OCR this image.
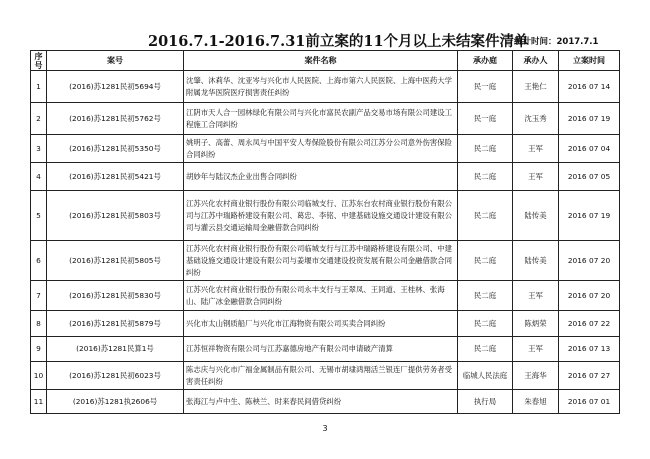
2016.7.1-2016.7.31前立案的11个月以上未结案件清单
统计时间：2017.7.1
序号	案号	案件名称	承办庭	承办人	立案时间
1	(2016)苏1281民初5694号	沈肇、沐莉华、沈亚岑与兴化市人民医院、上海市第六人民医院、上海中医药大学附属龙华医院医疗损害责任纠纷	民一庭	王艳仁	2016 07 14
2	(2016)苏1281民初5762号	江阴市天人合一园林绿化有限公司与兴化市富民农副产品交易市场有限公司建设工程施工合同纠纷	民一庭	沈玉秀	2016 07 19
3	(2016)苏1281民初5350号	姚明子、高蕾、周永凤与中国平安人寿保险股份有限公司江苏分公司意外伤害保险合同纠纷	民二庭	王军	2016 07 04
4	(2016)苏1281民初5421号	胡妙年与陆汉杰企业出售合同纠纷	民二庭	王军	2016 07 05
5	(2016)苏1281民初5803号	江苏兴化农村商业银行股份有限公司临城支行、江苏东台农村商业银行股份有限公司与江苏中瑞路桥建设有限公司、葛忠、李铭、中建基础设施交通设计建设有限公司与灌云县交通运输局金融借款合同纠纷	民二庭	陆传美	2016 07 19
6	(2016)苏1281民初5805号	江苏兴化农村商业银行股份有限公司临城支行与江苏中瑞路桥建设有限公司、中建基础设施交通设计建设有限公司与姜堰市交通建设投资发展有限公司金融借款合同纠纷	民二庭	陆传美	2016 07 20
7	(2016)苏1281民初5830号	江苏兴化农村商业银行股份有限公司永丰支行与王翠凤、王同道、王桂林、张海山、陆广冰金融借款合同纠纷	民二庭	王军	2016 07 20
8	(2016)苏1281民初5879号	兴化市太山钢质船厂与兴化市江海物资有限公司买卖合同纠纷	民二庭	陈炳荣	2016 07 22
9	(2016)苏1281民算1号	江苏恒祥物资有限公司与江苏嘉德房地产有限公司申请破产清算	民二庭	王军	2016 07 13
10	(2016)苏1281民初6023号	陈志庆与兴化市广福金属制品有限公司、无锡市胡埭鸿翔活兰银连厂提供劳务者受害责任纠纷	临城人民法庭	王海华	2016 07 27
11	(2016)苏1281执2606号	张海江与卢中生、陈秧兰、时来春民间借贷纠纷	执行局	朱春旭	2016 07 01
3
